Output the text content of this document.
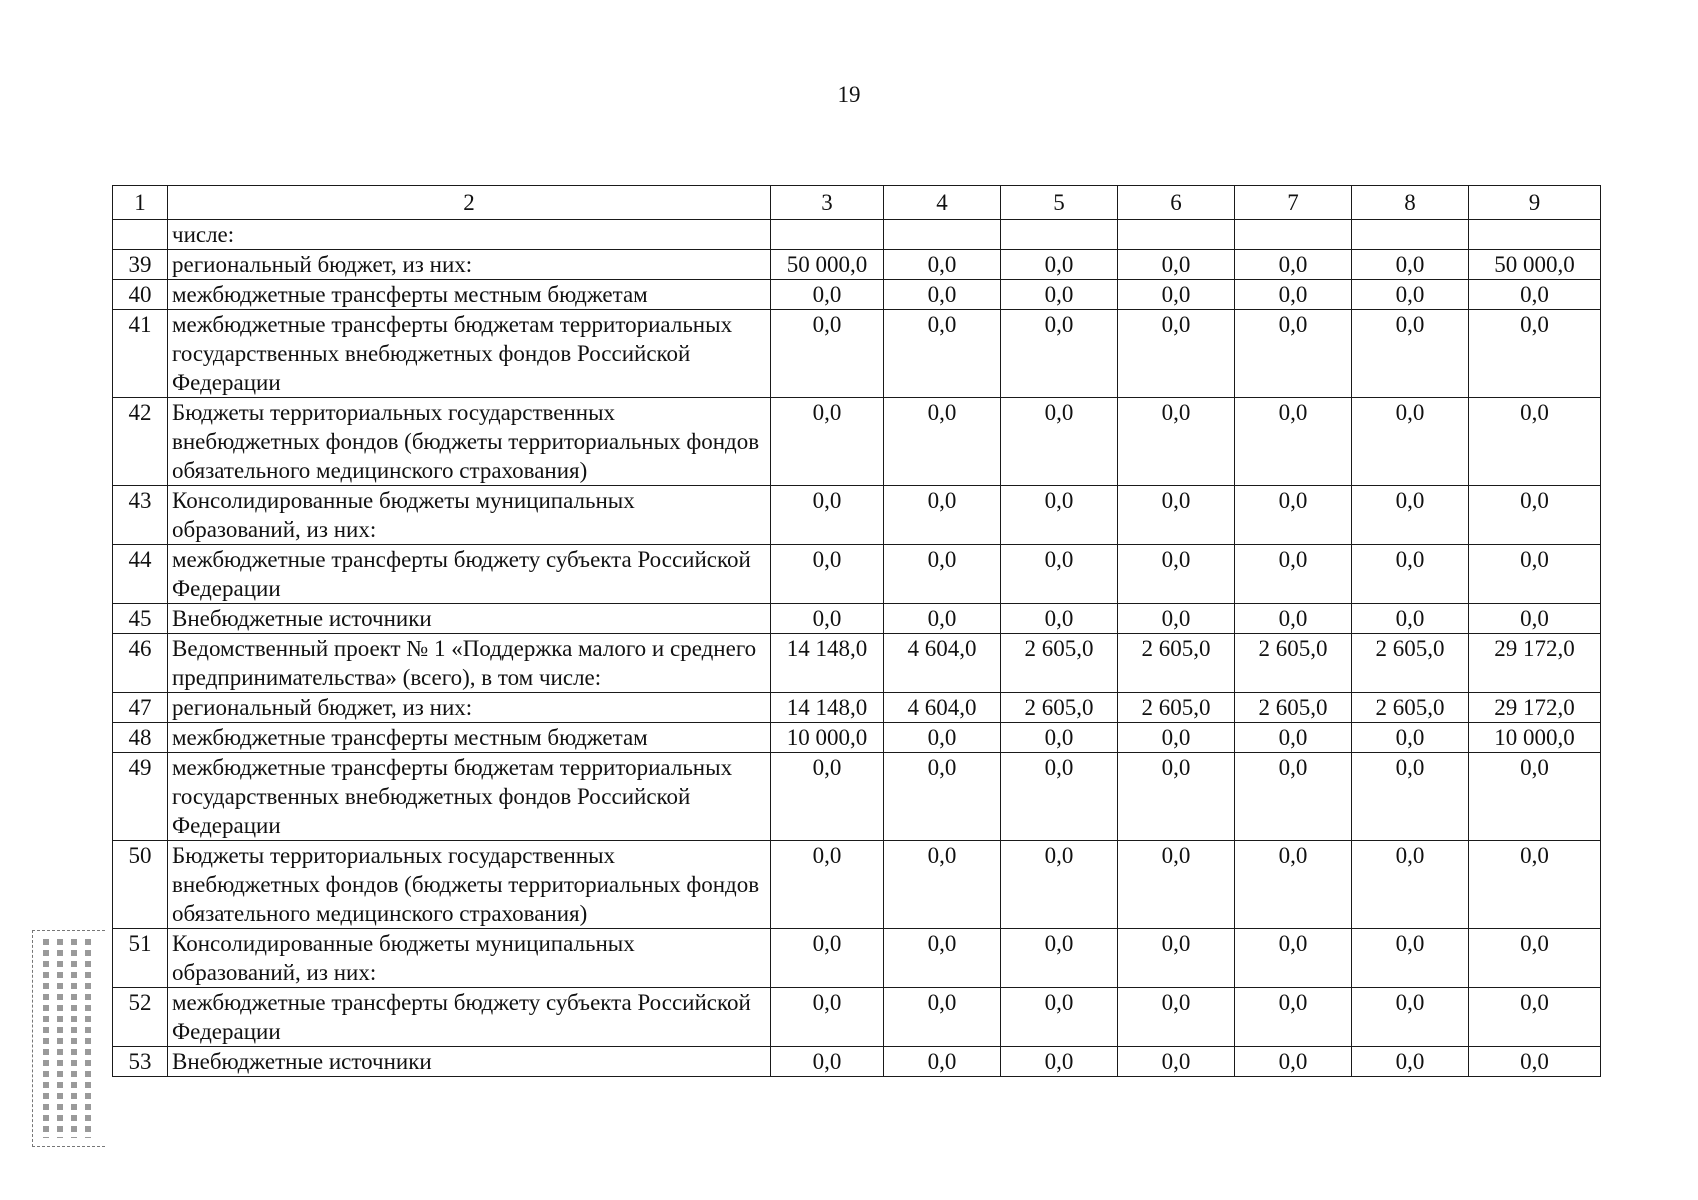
19
1	2	3	4	5	6	7	8	9
	числе:							
39	региональный бюджет, из них:	50 000,0	0,0	0,0	0,0	0,0	0,0	50 000,0
40	межбюджетные трансферты местным бюджетам	0,0	0,0	0,0	0,0	0,0	0,0	0,0
41	межбюджетные трансферты бюджетам территориальных государственных внебюджетных фондов Российской Федерации	0,0	0,0	0,0	0,0	0,0	0,0	0,0
42	Бюджеты территориальных государственных внебюджетных фондов (бюджеты территориальных фондов обязательного медицинского страхования)	0,0	0,0	0,0	0,0	0,0	0,0	0,0
43	Консолидированные бюджеты муниципальных образований, из них:	0,0	0,0	0,0	0,0	0,0	0,0	0,0
44	межбюджетные трансферты бюджету субъекта Российской Федерации	0,0	0,0	0,0	0,0	0,0	0,0	0,0
45	Внебюджетные источники	0,0	0,0	0,0	0,0	0,0	0,0	0,0
46	Ведомственный проект № 1 «Поддержка малого и среднего предпринимательства» (всего), в том числе:	14 148,0	4 604,0	2 605,0	2 605,0	2 605,0	2 605,0	29 172,0
47	региональный бюджет, из них:	14 148,0	4 604,0	2 605,0	2 605,0	2 605,0	2 605,0	29 172,0
48	межбюджетные трансферты местным бюджетам	10 000,0	0,0	0,0	0,0	0,0	0,0	10 000,0
49	межбюджетные трансферты бюджетам территориальных государственных внебюджетных фондов Российской Федерации	0,0	0,0	0,0	0,0	0,0	0,0	0,0
50	Бюджеты территориальных государственных внебюджетных фондов (бюджеты территориальных фондов обязательного медицинского страхования)	0,0	0,0	0,0	0,0	0,0	0,0	0,0
51	Консолидированные бюджеты муниципальных образований, из них:	0,0	0,0	0,0	0,0	0,0	0,0	0,0
52	межбюджетные трансферты бюджету субъекта Российской Федерации	0,0	0,0	0,0	0,0	0,0	0,0	0,0
53	Внебюджетные источники	0,0	0,0	0,0	0,0	0,0	0,0	0,0
